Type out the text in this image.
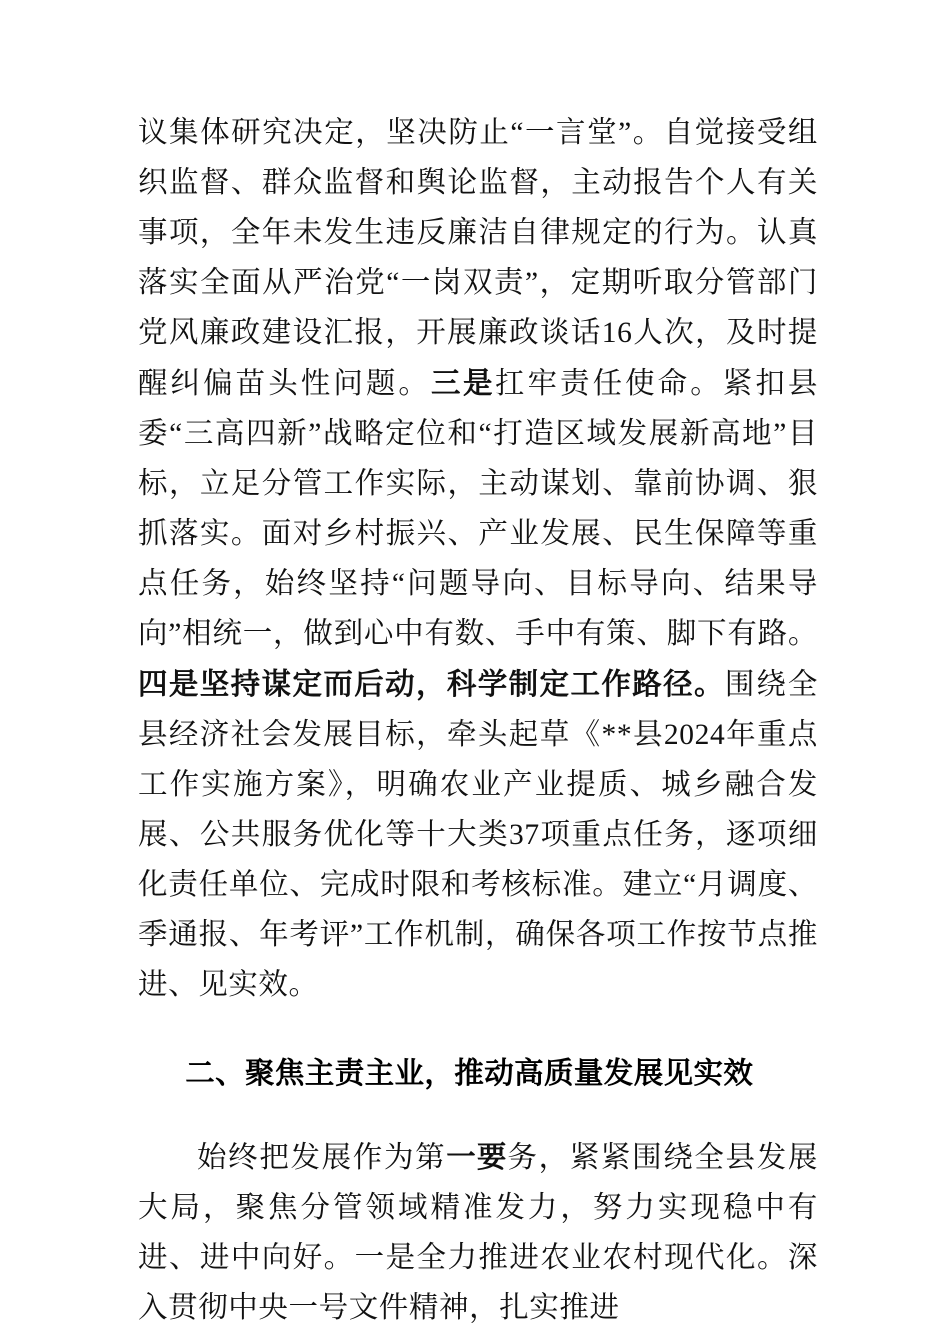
议集体研究决定，坚决防止“一言堂”。自觉接受组织监督、群众监督和舆论监督，主动报告个人有关事项，全年未发生违反廉洁自律规定的行为。认真落实全面从严治党“一岗双责”，定期听取分管部门党风廉政建设汇报，开展廉政谈话16人次，及时提醒纠偏苗头性问题。三是扛牢责任使命。紧扣县委“三高四新”战略定位和“打造区域发展新高地”目标，立足分管工作实际，主动谋划、靠前协调、狠抓落实。面对乡村振兴、产业发展、民生保障等重点任务，始终坚持“问题导向、目标导向、结果导向”相统一，做到心中有数、手中有策、脚下有路。四是坚持谋定而后动，科学制定工作路径。围绕全县经济社会发展目标，牵头起草《**县2024年重点工作实施方案》，明确农业产业提质、城乡融合发展、公共服务优化等十大类37项重点任务，逐项细化责任单位、完成时限和考核标准。建立“月调度、季通报、年考评”工作机制，确保各项工作按节点推进、见实效。

二、聚焦主责主业，推动高质量发展见实效

始终把发展作为第一要务，紧紧围绕全县发展大局，聚焦分管领域精准发力，努力实现稳中有进、进中向好。一是全力推进农业农村现代化。深入贯彻中央一号文件精神，扎实推进
